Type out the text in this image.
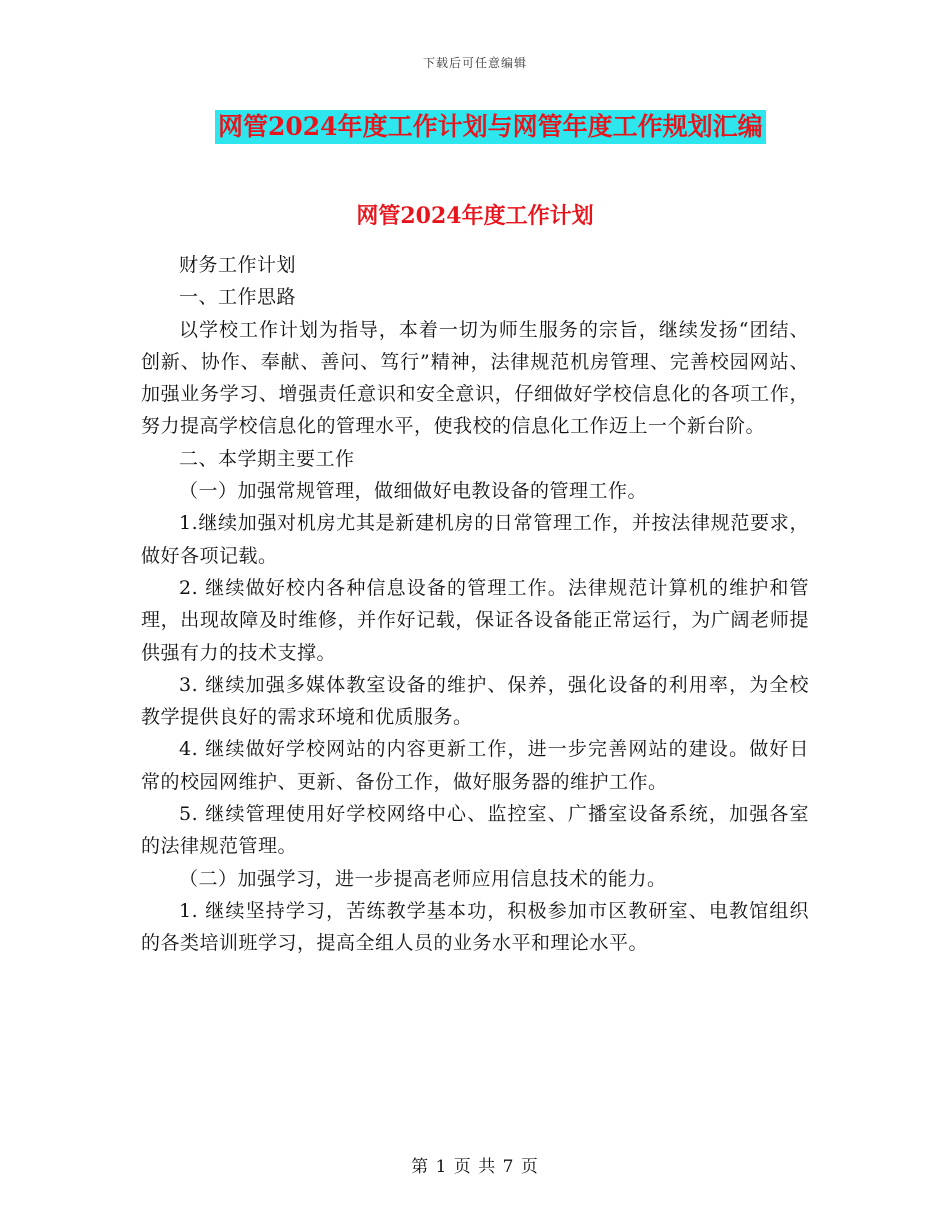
下载后可任意编辑
网管2024年度工作计划与网管年度工作规划汇编
网管2024年度工作计划

财务工作计划

一、工作思路

以学校工作计划为指导，本着一切为师生服务的宗旨，继续发扬“团结、创新、协作、奉献、善问、笃行”精神，法律规范机房管理、完善校园网站、加强业务学习、增强责任意识和安全意识，仔细做好学校信息化的各项工作，努力提高学校信息化的管理水平，使我校的信息化工作迈上一个新台阶。

二、本学期主要工作

（一）加强常规管理，做细做好电教设备的管理工作。

1.继续加强对机房尤其是新建机房的日常管理工作，并按法律规范要求，做好各项记载。

2. 继续做好校内各种信息设备的管理工作。法律规范计算机的维护和管理，出现故障及时维修，并作好记载，保证各设备能正常运行，为广阔老师提供强有力的技术支撑。

3. 继续加强多媒体教室设备的维护、保养，强化设备的利用率，为全校教学提供良好的需求环境和优质服务。

4. 继续做好学校网站的内容更新工作，进一步完善网站的建设。做好日常的校园网维护、更新、备份工作，做好服务器的维护工作。

5. 继续管理使用好学校网络中心、监控室、广播室设备系统，加强各室的法律规范管理。

（二）加强学习，进一步提高老师应用信息技术的能力。

1. 继续坚持学习，苦练教学基本功，积极参加市区教研室、电教馆组织的各类培训班学习，提高全组人员的业务水平和理论水平。

第 1 页 共 7 页
